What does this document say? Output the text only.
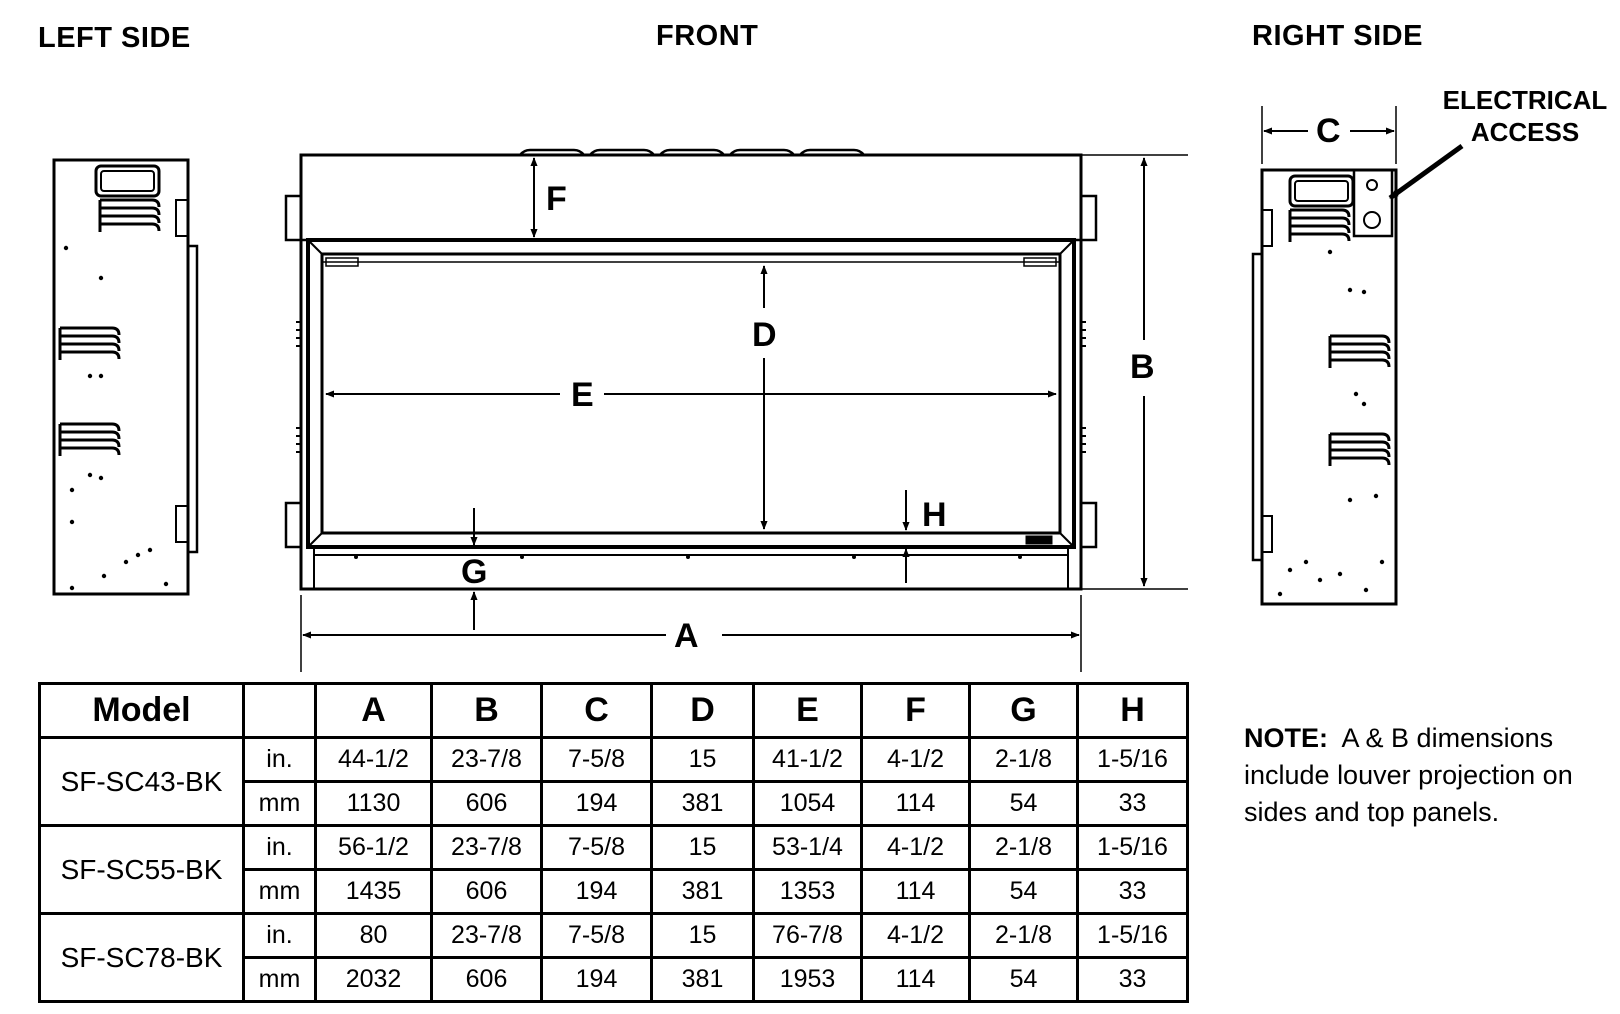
LEFT SIDE	FRONT	RIGHT SIDE
ELECTRICAL
ACCESS
A
B
D
E
F
G
H
C
Model		A	B	C	D	E	F	G	H
SF-SC43-BK	in.	44-1/2	23-7/8	7-5/8	15	41-1/2	4-1/2	2-1/8	1-5/16
	mm	1130	606	194	381	1054	114	54	33
SF-SC55-BK	in.	56-1/2	23-7/8	7-5/8	15	53-1/4	4-1/2	2-1/8	1-5/16
	mm	1435	606	194	381	1353	114	54	33
SF-SC78-BK	in.	80	23-7/8	7-5/8	15	76-7/8	4-1/2	2-1/8	1-5/16
	mm	2032	606	194	381	1953	114	54	33
NOTE: A & B dimensions include louver projection on sides and top panels.
